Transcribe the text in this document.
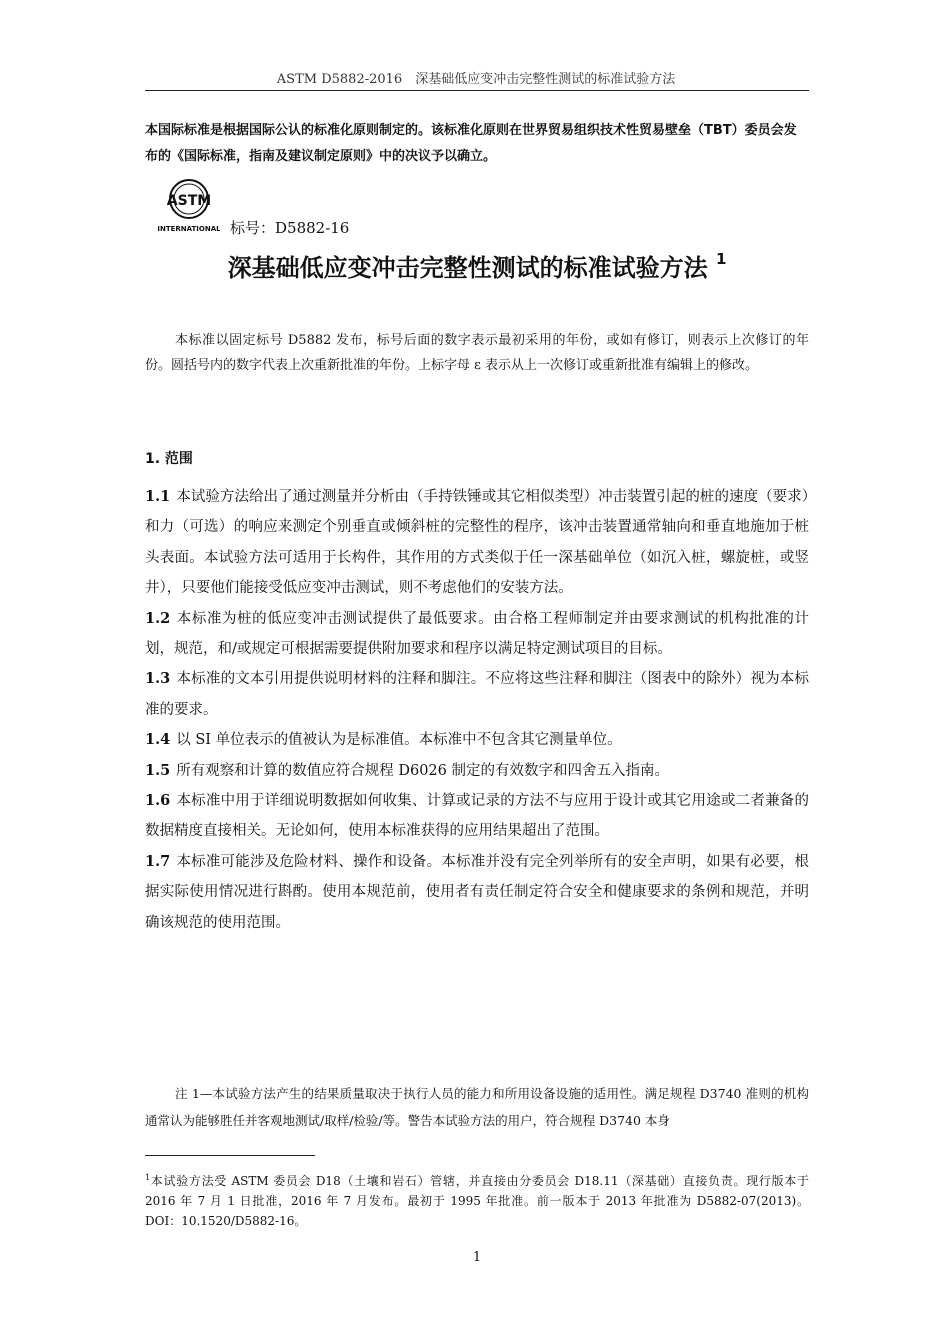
ASTM D5882-2016　深基础低应变冲击完整性测试的标准试验方法
本国际标准是根据国际公认的标准化原则制定的。该标准化原则在世界贸易组织技术性贸易壁垒（TBT）委员会发布的《国际标准，指南及建议制定原则》中的决议予以确立。
ASTM
INTERNATIONAL 标号：D5882-16
深基础低应变冲击完整性测试的标准试验方法 $^1$
本标准以固定标号 D5882 发布，标号后面的数字表示最初采用的年份，或如有修订，则表示上次修订的年份。圆括号内的数字代表上次重新批准的年份。上标字母 ε 表示从上一次修订或重新批准有编辑上的修改。
1. 范围

1.1 本试验方法给出了通过测量并分析由（手持铁锤或其它相似类型）冲击装置引起的桩的速度（要求）和力（可选）的响应来测定个别垂直或倾斜桩的完整性的程序，该冲击装置通常轴向和垂直地施加于桩头表面。本试验方法可适用于长构件，其作用的方式类似于任一深基础单位（如沉入桩，螺旋桩，或竖井），只要他们能接受低应变冲击测试，则不考虑他们的安装方法。

1.2 本标准为桩的低应变冲击测试提供了最低要求。由合格工程师制定并由要求测试的机构批准的计划，规范，和/或规定可根据需要提供附加要求和程序以满足特定测试项目的目标。

1.3 本标准的文本引用提供说明材料的注释和脚注。不应将这些注释和脚注（图表中的除外）视为本标准的要求。

1.4 以 SI 单位表示的值被认为是标准值。本标准中不包含其它测量单位。

1.5 所有观察和计算的数值应符合规程 D6026 制定的有效数字和四舍五入指南。

1.6 本标准中用于详细说明数据如何收集、计算或记录的方法不与应用于设计或其它用途或二者兼备的数据精度直接相关。无论如何，使用本标准获得的应用结果超出了范围。

1.7 本标准可能涉及危险材料、操作和设备。本标准并没有完全列举所有的安全声明，如果有必要，根据实际使用情况进行斟酌。使用本规范前，使用者有责任制定符合安全和健康要求的条例和规范，并明确该规范的使用范围。

注 1—本试验方法产生的结果质量取决于执行人员的能力和所用设备设施的适用性。满足规程 D3740 准则的机构通常认为能够胜任并客观地测试/取样/检验/等。警告本试验方法的用户，符合规程 D3740 本身
$^1$本试验方法受 ASTM 委员会 D18（土壤和岩石）管辖，并直接由分委员会 D18.11（深基础）直接负责。现行版本于 2016 年 7 月 1 日批准，2016 年 7 月发布。最初于 1995 年批准。前一版本于 2013 年批准为 D5882-07(2013)。DOI：10.1520/D5882-16。
1
